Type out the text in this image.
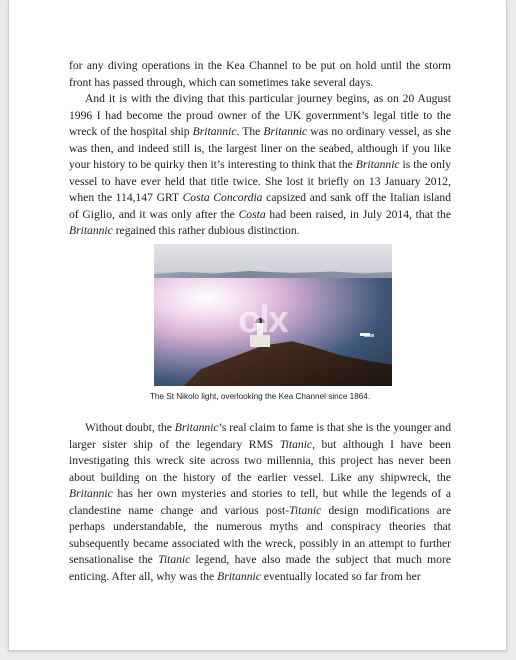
for any diving operations in the Kea Channel to be put on hold until the storm front has passed through, which can sometimes take several days.

And it is with the diving that this particular journey begins, as on 20 August 1996 I had become the proud owner of the UK government’s legal title to the wreck of the hospital ship Britannic. The Britannic was no ordinary vessel, as she was then, and indeed still is, the largest liner on the seabed, although if you like your history to be quirky then it’s interesting to think that the Britannic is the only vessel to have ever held that title twice. She lost it briefly on 13 January 2012, when the 114,147 GRT Costa Concordia capsized and sank off the Italian island of Giglio, and it was only after the Costa had been raised, in July 2014, that the Britannic regained this rather dubious distinction.

olx
The St Nikolo light, overlooking the Kea Channel since 1864.

Without doubt, the Britannic’s real claim to fame is that she is the younger and larger sister ship of the legendary RMS Titanic, but although I have been investigating this wreck site across two millennia, this project has never been about building on the history of the earlier vessel. Like any shipwreck, the Britannic has her own mysteries and stories to tell, but while the legends of a clandestine name change and various post-Titanic design modifications are perhaps understandable, the numerous myths and conspiracy theories that subsequently became associated with the wreck, possibly in an attempt to further sensationalise the Titanic legend, have also made the subject that much more enticing. After all, why was the Britannic eventually located so far from her
